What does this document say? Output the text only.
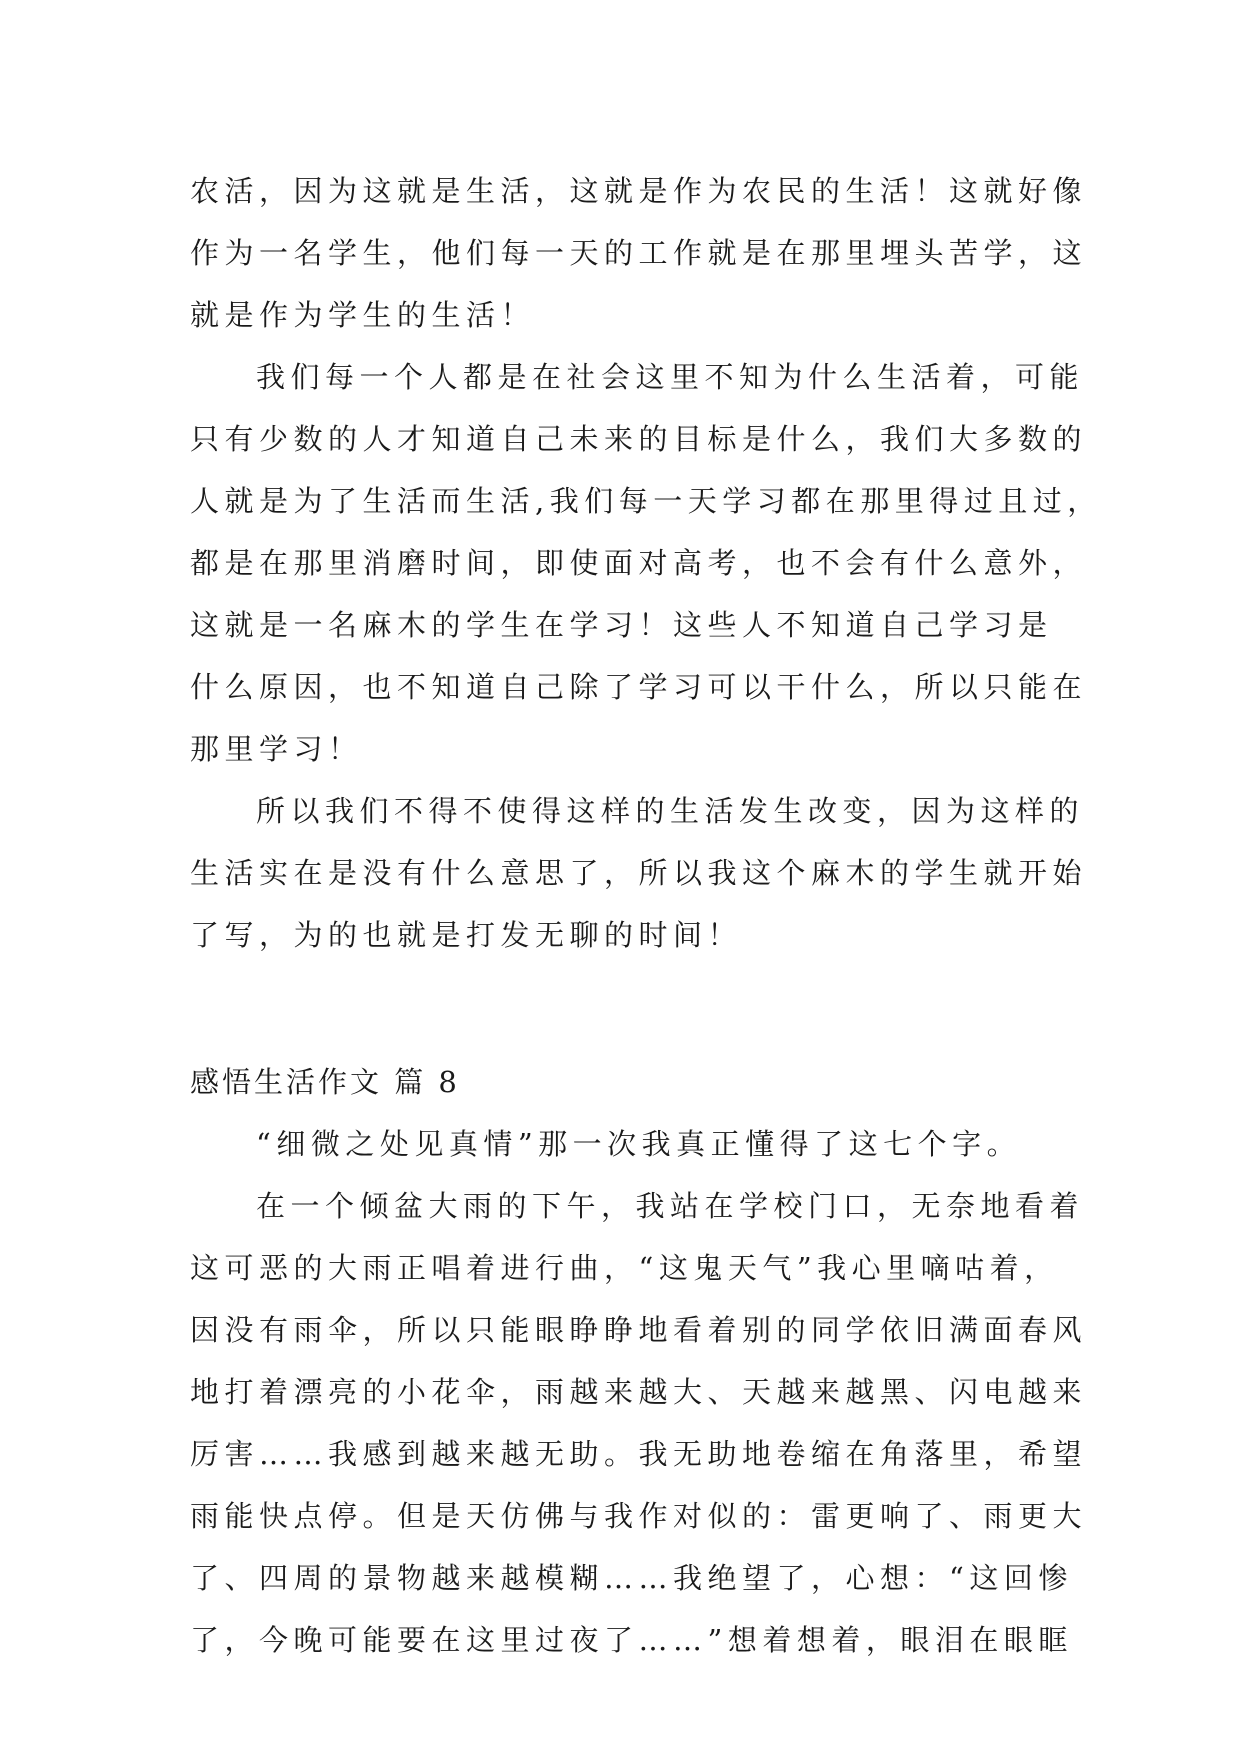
农活，因为这就是生活，这就是作为农民的生活！这就好像
作为一名学生，他们每一天的工作就是在那里埋头苦学，这
就是作为学生的生活！
我们每一个人都是在社会这里不知为什么生活着，可能
只有少数的人才知道自己未来的目标是什么，我们大多数的
人就是为了生活而生活,我们每一天学习都在那里得过且过，
都是在那里消磨时间，即使面对高考，也不会有什么意外，
这就是一名麻木的学生在学习！这些人不知道自己学习是
什么原因，也不知道自己除了学习可以干什么，所以只能在
那里学习！
所以我们不得不使得这样的生活发生改变，因为这样的
生活实在是没有什么意思了，所以我这个麻木的学生就开始
了写，为的也就是打发无聊的时间！
感悟生活作文 篇 8
“细微之处见真情”那一次我真正懂得了这七个字。
在一个倾盆大雨的下午，我站在学校门口，无奈地看着
这可恶的大雨正唱着进行曲，“这鬼天气”我心里嘀咕着，
因没有雨伞，所以只能眼睁睁地看着别的同学依旧满面春风
地打着漂亮的小花伞，雨越来越大、天越来越黑、闪电越来
厉害……我感到越来越无助。我无助地卷缩在角落里，希望
雨能快点停。但是天仿佛与我作对似的：雷更响了、雨更大
了、四周的景物越来越模糊……我绝望了，心想：“这回惨
了，今晚可能要在这里过夜了……”想着想着，眼泪在眼眶
